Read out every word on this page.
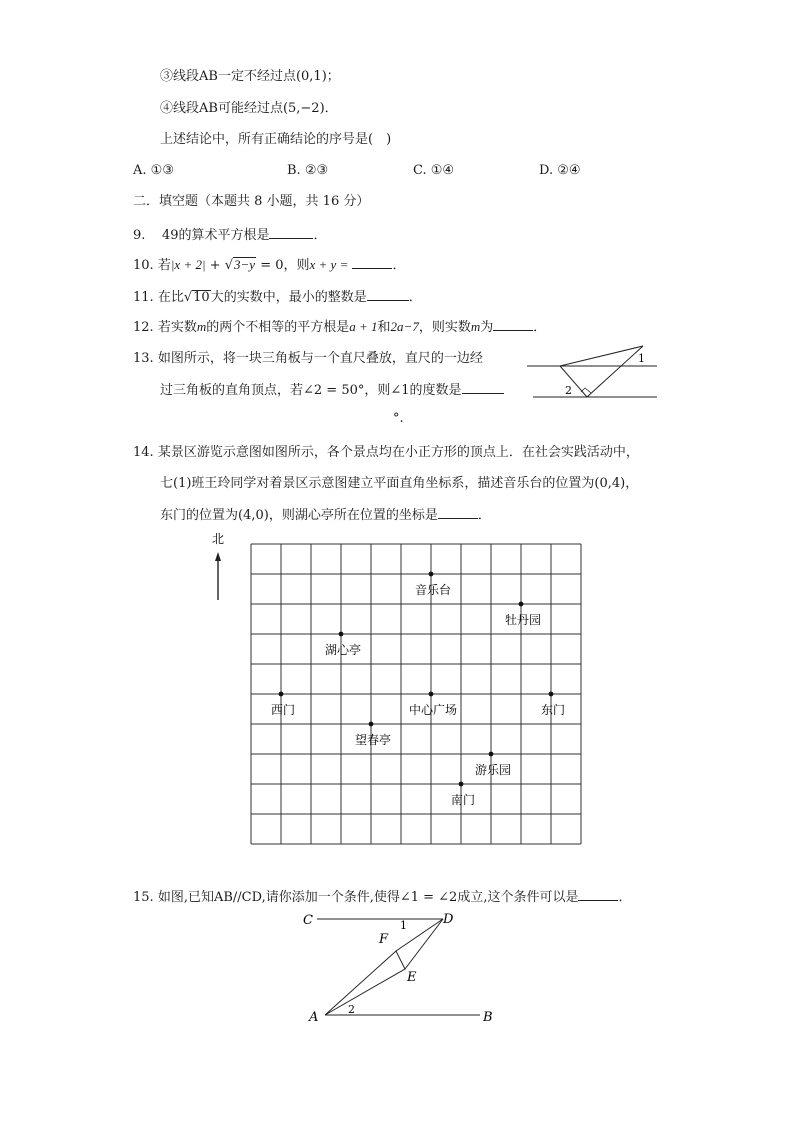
③线段AB一定不经过点(0,1)；
④线段AB可能经过点(5,−2)．
上述结论中，所有正确结论的序号是(　)
A. ①③	B. ②③	C. ①④	D. ②④
二．填空题（本题共 8 小题，共 16 分）
9. 49的算术平方根是	．
10. 若|x + 2| + √3−y = 0，则x + y =	．
11. 在比√10大的实数中，最小的整数是	．
12. 若实数m的两个不相等的平方根是a + 1和2a−7，则实数m为	．
13. 如图所示，将一块三角板与一个直尺叠放，直尺的一边经
过三角板的直角顶点，若∠2 = 50°，则∠1的度数是
°.
1
2
14. 某景区游览示意图如图所示，各个景点均在小正方形的顶点上．在社会实践活动中，
七(1)班王玲同学对着景区示意图建立平面直角坐标系，描述音乐台的位置为(0,4)，
东门的位置为(4,0)，则湖心亭所在位置的坐标是	．
北
音乐台
牡丹园
湖心亭
西门	中心广场	东门
望春亭
游乐园
南门
15. 如图,已知AB//CD,请你添加一个条件,使得∠1 = ∠2成立,这个条件可以是	．
C	D
F
E
A	B
1
2
